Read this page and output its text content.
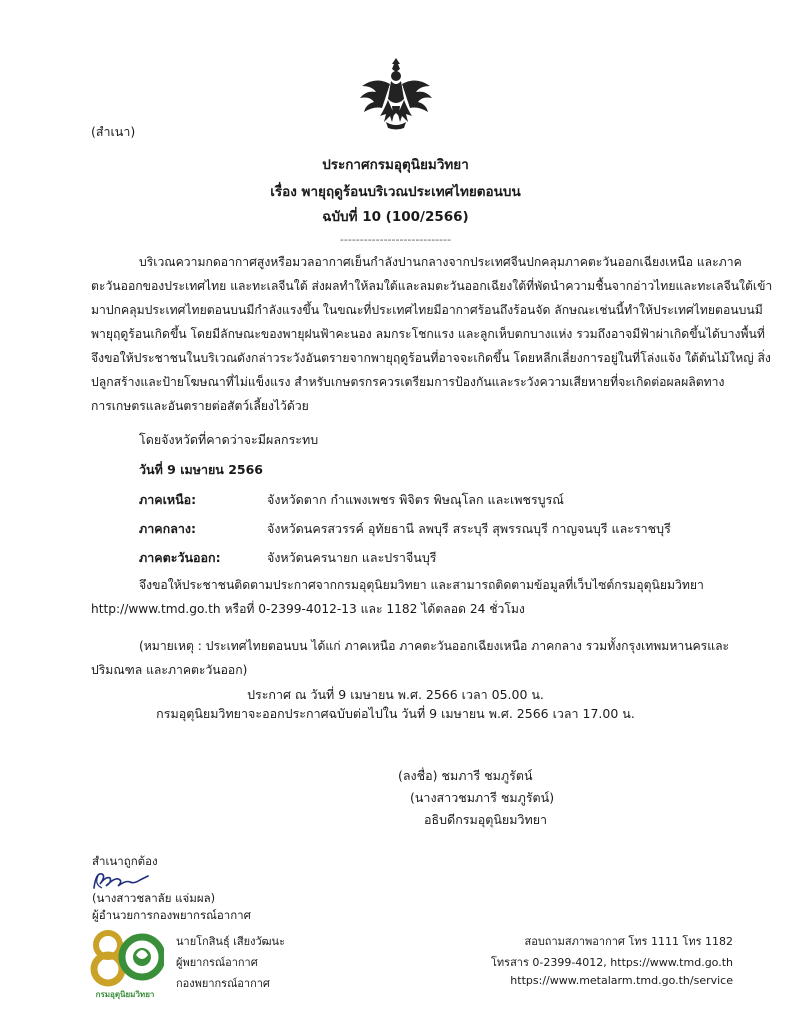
(สำเนา)
ประกาศกรมอุตุนิยมวิทยา
เรื่อง พายุฤดูร้อนบริเวณประเทศไทยตอนบน
ฉบับที่ 10 (100/2566)
----------------------------
บริเวณความกดอากาศสูงหรือมวลอากาศเย็นกำลังปานกลางจากประเทศจีนปกคลุมภาคตะวันออกเฉียงเหนือ และภาค
ตะวันออกของประเทศไทย และทะเลจีนใต้ ส่งผลทำให้ลมใต้และลมตะวันออกเฉียงใต้ที่พัดนำความชื้นจากอ่าวไทยและทะเลจีนใต้เข้า
มาปกคลุมประเทศไทยตอนบนมีกำลังแรงขึ้น ในขณะที่ประเทศไทยมีอากาศร้อนถึงร้อนจัด ลักษณะเช่นนี้ทำให้ประเทศไทยตอนบนมี
พายุฤดูร้อนเกิดขึ้น โดยมีลักษณะของพายุฝนฟ้าคะนอง ลมกระโชกแรง และลูกเห็บตกบางแห่ง รวมถึงอาจมีฟ้าผ่าเกิดขึ้นได้บางพื้นที่
จึงขอให้ประชาชนในบริเวณดังกล่าวระวังอันตรายจากพายุฤดูร้อนที่อาจจะเกิดขึ้น โดยหลีกเลี่ยงการอยู่ในที่โล่งแจ้ง ใต้ต้นไม้ใหญ่ สิ่ง
ปลูกสร้างและป้ายโฆษณาที่ไม่แข็งแรง สำหรับเกษตรกรควรเตรียมการป้องกันและระวังความเสียหายที่จะเกิดต่อผลผลิตทาง
การเกษตรและอันตรายต่อสัตว์เลี้ยงไว้ด้วย
โดยจังหวัดที่คาดว่าจะมีผลกระทบ
วันที่ 9 เมษายน 2566
ภาคเหนือ:	จังหวัดตาก กำแพงเพชร พิจิตร พิษณุโลก และเพชรบูรณ์
ภาคกลาง:	จังหวัดนครสวรรค์ อุทัยธานี ลพบุรี สระบุรี สุพรรณบุรี กาญจนบุรี และราชบุรี
ภาคตะวันออก:	จังหวัดนครนายก และปราจีนบุรี
จึงขอให้ประชาชนติดตามประกาศจากกรมอุตุนิยมวิทยา และสามารถติดตามข้อมูลที่เว็บไซต์กรมอุตุนิยมวิทยา
http://www.tmd.go.th หรือที่ 0-2399-4012-13 และ 1182 ได้ตลอด 24 ชั่วโมง
(หมายเหตุ : ประเทศไทยตอนบน ได้แก่ ภาคเหนือ ภาคตะวันออกเฉียงเหนือ ภาคกลาง รวมทั้งกรุงเทพมหานครและ
ปริมณฑล และภาคตะวันออก)
ประกาศ ณ วันที่ 9 เมษายน พ.ศ. 2566 เวลา 05.00 น.
กรมอุตุนิยมวิทยาจะออกประกาศฉบับต่อไปใน วันที่ 9 เมษายน พ.ศ. 2566 เวลา 17.00 น.
(ลงชื่อ) ชมภารี ชมภูรัตน์
(นางสาวชมภารี ชมภูรัตน์)
อธิบดีกรมอุตุนิยมวิทยา
สำเนาถูกต้อง
(นางสาวชลาลัย แจ่มผล)
ผู้อำนวยการกองพยากรณ์อากาศ
กรมอุตุนิยมวิทยา
นายโกสินธุ์ เสียงวัฒนะ
ผู้พยากรณ์อากาศ
กองพยากรณ์อากาศ
สอบถามสภาพอากาศ โทร 1111 โทร 1182
โทรสาร 0-2399-4012, https://www.tmd.go.th
https://www.metalarm.tmd.go.th/service
